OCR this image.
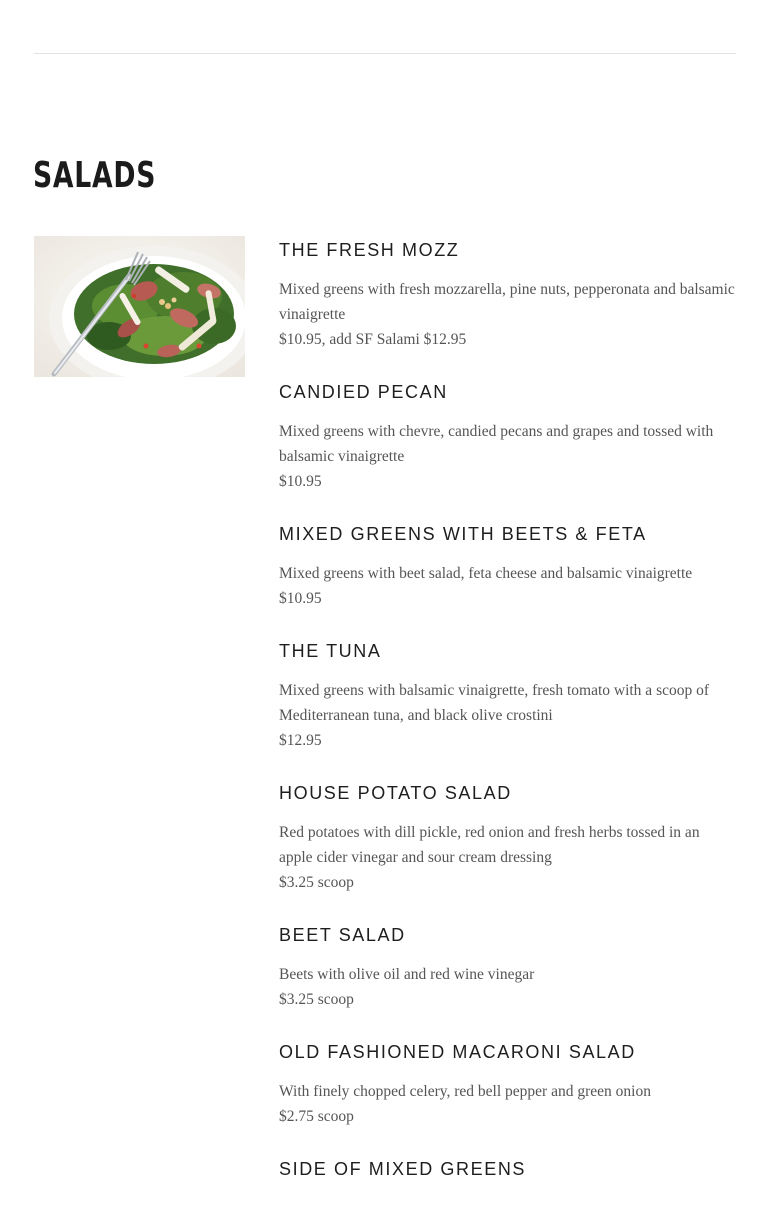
SALADS
THE FRESH MOZZ

Mixed greens with fresh mozzarella, pine nuts, pepperonata and balsamic vinaigrette

$10.95, add SF Salami $12.95

CANDIED PECAN

Mixed greens with chevre, candied pecans and grapes and tossed with balsamic vinaigrette

$10.95

MIXED GREENS WITH BEETS & FETA

Mixed greens with beet salad, feta cheese and balsamic vinaigrette

$10.95

THE TUNA

Mixed greens with balsamic vinaigrette, fresh tomato with a scoop of Mediterranean tuna, and black olive crostini

$12.95

HOUSE POTATO SALAD

Red potatoes with dill pickle, red onion and fresh herbs tossed in an apple cider vinegar and sour cream dressing

$3.25 scoop

BEET SALAD

Beets with olive oil and red wine vinegar

$3.25 scoop

OLD FASHIONED MACARONI SALAD

With finely chopped celery, red bell pepper and green onion

$2.75 scoop

SIDE OF MIXED GREENS
